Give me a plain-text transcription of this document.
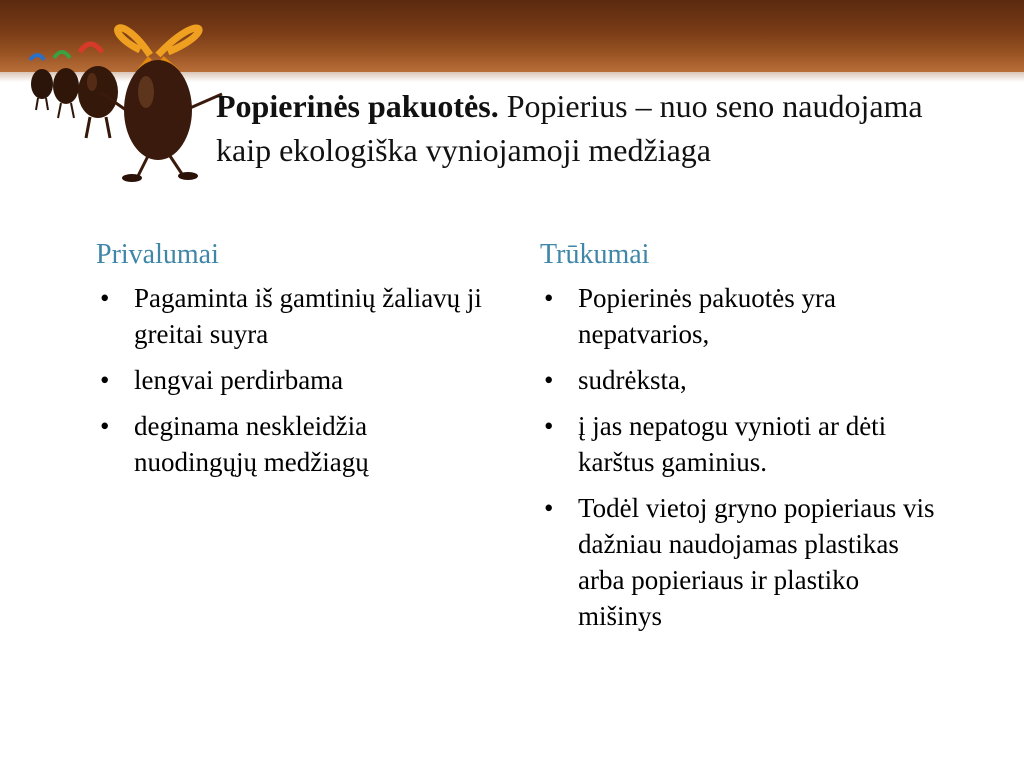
Popierinės pakuotės. Popierius – nuo seno naudojama kaip ekologiška vyniojamoji medžiaga
Privalumai
• Pagaminta iš gamtinių žaliavų ji greitai suyra
• lengvai perdirbama
• deginama neskleidžia nuodingųjų medžiagų
Trūkumai
• Popierinės pakuotės yra nepatvarios,
• sudrėksta,
• į jas nepatogu vynioti ar dėti karštus gaminius.
• Todėl vietoj gryno popieriaus vis dažniau naudojamas plastikas arba popieriaus ir plastiko mišinys
